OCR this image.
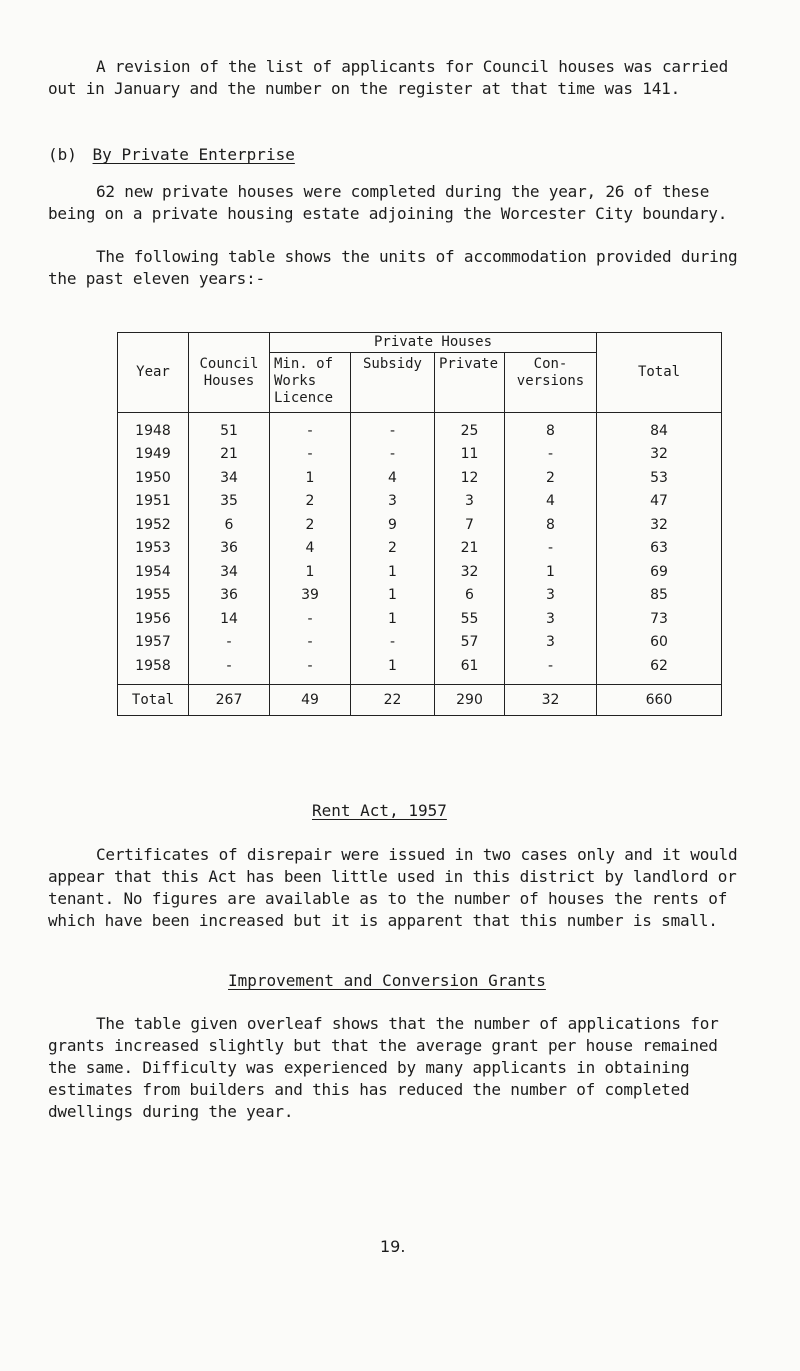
A revision of the list of applicants for Council houses was carried out in January and the number on the register at that time was 141.

(b) By Private Enterprise

62 new private houses were completed during the year, 26 of these being on a private housing estate adjoining the Worcester City boundary.

The following table shows the units of accommodation provided during the past eleven years:-

Year	Council Houses	Private Houses				Total
		Min. of Works Licence	Subsidy	Private	Con- versions	
1948	51	-	-	25	8	84
1949	21	-	-	11	-	32
1950	34	1	4	12	2	53
1951	35	2	3	3	4	47
1952	6	2	9	7	8	32
1953	36	4	2	21	-	63
1954	34	1	1	32	1	69
1955	36	39	1	6	3	85
1956	14	-	1	55	3	73
1957	-	-	-	57	3	60
1958	-	-	1	61	-	62
Total	267	49	22	290	32	660
Rent Act, 1957

Certificates of disrepair were issued in two cases only and it would appear that this Act has been little used in this district by landlord or tenant. No figures are available as to the number of houses the rents of which have been increased but it is apparent that this number is small.

Improvement and Conversion Grants

The table given overleaf shows that the number of applications for grants increased slightly but that the average grant per house remained the same. Difficulty was experienced by many applicants in obtaining estimates from builders and this has reduced the number of completed dwellings during the year.

19.
